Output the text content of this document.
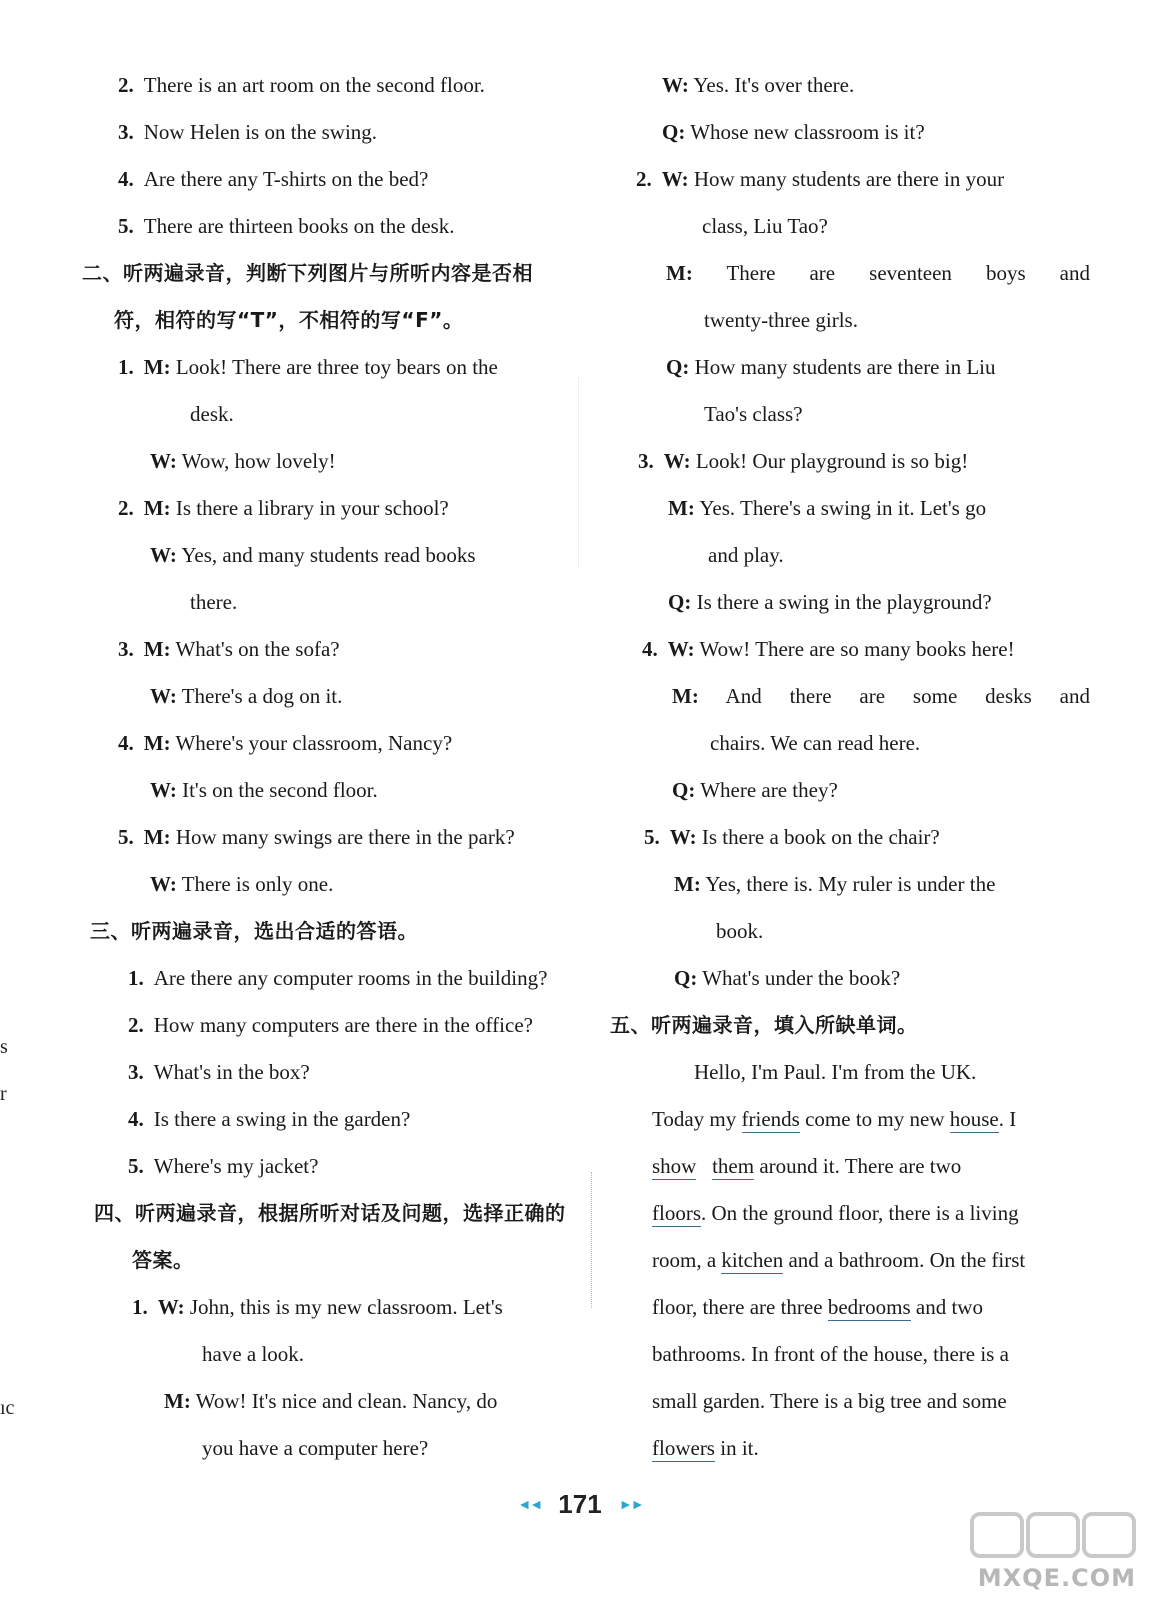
2. There is an art room on the second floor.
3. Now Helen is on the swing.
4. Are there any T-shirts on the bed?
5. There are thirteen books on the desk.
二、听两遍录音，判断下列图片与所听内容是否相
符，相符的写“T”，不相符的写“F”。
1. M: Look! There are three toy bears on the
desk.
W: Wow, how lovely!
2. M: Is there a library in your school?
W: Yes, and many students read books
there.
3. M: What's on the sofa?
W: There's a dog on it.
4. M: Where's your classroom, Nancy?
W: It's on the second floor.
5. M: How many swings are there in the park?
W: There is only one.
三、听两遍录音，选出合适的答语。
1. Are there any computer rooms in the building?
2. How many computers are there in the office?
3. What's in the box?
4. Is there a swing in the garden?
5. Where's my jacket?
四、听两遍录音，根据所听对话及问题，选择正确的
答案。
1. W: John, this is my new classroom. Let's
have a look.
M: Wow! It's nice and clean. Nancy, do
you have a computer here?
W: Yes. It's over there.
Q: Whose new classroom is it?
2. W: How many students are there in your
class, Liu Tao?
M: There are seventeen boys and
twenty-three girls.
Q: How many students are there in Liu
Tao's class?
3. W: Look! Our playground is so big!
M: Yes. There's a swing in it. Let's go
and play.
Q: Is there a swing in the playground?
4. W: Wow! There are so many books here!
M: And there are some desks and
chairs. We can read here.
Q: Where are they?
5. W: Is there a book on the chair?
M: Yes, there is. My ruler is under the
book.
Q: What's under the book?
五、听两遍录音，填入所缺单词。
Hello, I'm Paul. I'm from the UK.
Today my friends come to my new house. I
show them around it. There are two
floors. On the ground floor, there is a living
room, a kitchen and a bathroom. On the first
floor, there are three bedrooms and two
bathrooms. In front of the house, there is a
small garden. There is a big tree and some
flowers in it.
s
r
ıc
◄◄ 171 ►►
MXQE.COM
